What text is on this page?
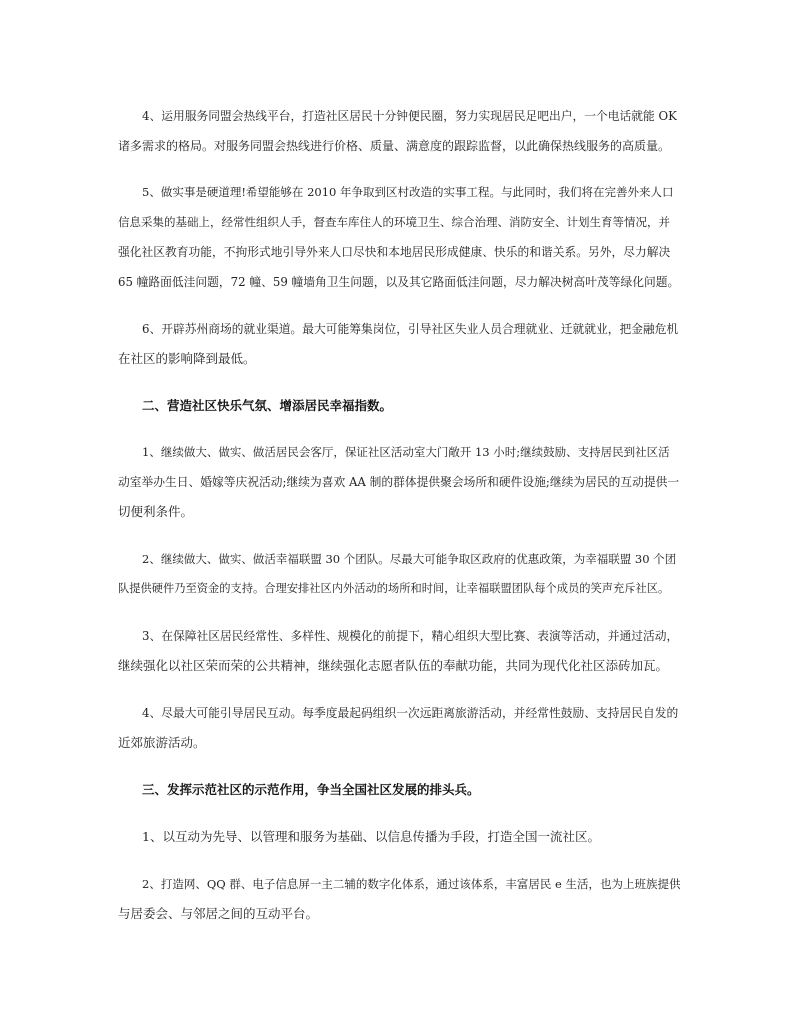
4、运用服务同盟会热线平台，打造社区居民十分钟便民圈，努力实现居民足吧出户，一个电话就能 OK
诸多需求的格局。对服务同盟会热线进行价格、质量、满意度的跟踪监督，以此确保热线服务的高质量。
5、做实事是硬道理!希望能够在 2010 年争取到区村改造的实事工程。与此同时，我们将在完善外来人口
信息采集的基础上，经常性组织人手，督查车库住人的环境卫生、综合治理、消防安全、计划生育等情况，并
强化社区教育功能，不拘形式地引导外来人口尽快和本地居民形成健康、快乐的和谐关系。另外，尽力解决
65 幢路面低洼问题，72 幢、59 幢墙角卫生问题，以及其它路面低洼问题，尽力解决树高叶茂等绿化问题。
6、开辟苏州商场的就业渠道。最大可能筹集岗位，引导社区失业人员合理就业、迁就就业，把金融危机
在社区的影响降到最低。
二、营造社区快乐气氛、增添居民幸福指数。
1、继续做大、做实、做活居民会客厅，保证社区活动室大门敞开 13 小时;继续鼓励、支持居民到社区活
动室举办生日、婚嫁等庆祝活动;继续为喜欢 AA 制的群体提供聚会场所和硬件设施;继续为居民的互动提供一
切便利条件。
2、继续做大、做实、做活幸福联盟 30 个团队。尽最大可能争取区政府的优惠政策，为幸福联盟 30 个团
队提供硬件乃至资金的支持。合理安排社区内外活动的场所和时间，让幸福联盟团队每个成员的笑声充斥社区。
3、在保障社区居民经常性、多样性、规模化的前提下，精心组织大型比赛、表演等活动，并通过活动，
继续强化以社区荣而荣的公共精神，继续强化志愿者队伍的奉献功能，共同为现代化社区添砖加瓦。
4、尽最大可能引导居民互动。每季度最起码组织一次远距离旅游活动，并经常性鼓励、支持居民自发的
近郊旅游活动。
三、发挥示范社区的示范作用，争当全国社区发展的排头兵。
1、以互动为先导、以管理和服务为基础、以信息传播为手段，打造全国一流社区。
2、打造网、QQ 群、电子信息屏一主二辅的数字化体系，通过该体系，丰富居民 e 生活，也为上班族提供
与居委会、与邻居之间的互动平台。
